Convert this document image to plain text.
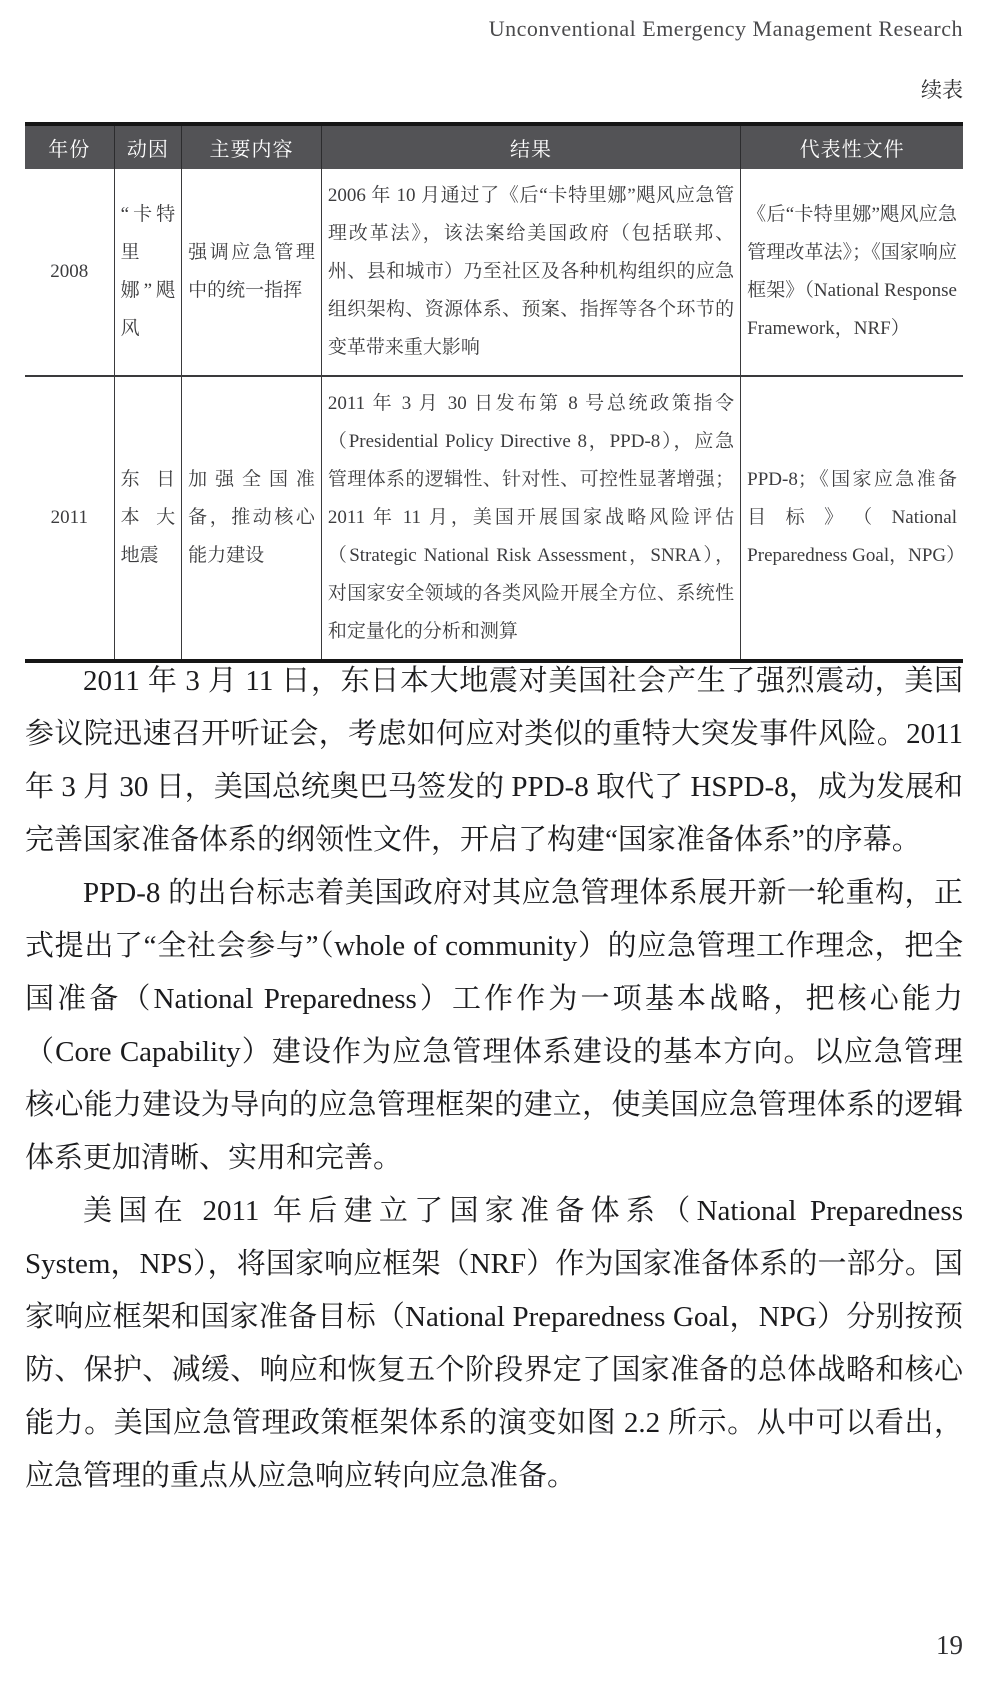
Unconventional Emergency Management Research
续表
年份	动因	主要内容	结果	代表性文件
2008	“卡特里娜”飓风	强调应急管理中的统一指挥	2006 年 10 月通过了《后“卡特里娜”飓风应急管理改革法》，该法案给美国政府（包括联邦、州、县和城市）乃至社区及各种机构组织的应急组织架构、资源体系、预案、指挥等各个环节的变革带来重大影响	《后“卡特里娜”飓风应急管理改革法》；《国家响应框架》（National Response Framework，NRF）
2011	东日本大地震	加强全国准备，推动核心能力建设	2011 年 3 月 30 日发布第 8 号总统政策指令（Presidential Policy Directive 8，PPD-8），应急管理体系的逻辑性、针对性、可控性显著增强；2011 年 11 月，美国开展国家战略风险评估（Strategic National Risk Assessment，SNRA），对国家安全领域的各类风险开展全方位、系统性和定量化的分析和测算	PPD-8；《国家应急准备目标》（National Preparedness Goal，NPG）

2011 年 3 月 11 日，东日本大地震对美国社会产生了强烈震动，美国参议院迅速召开听证会，考虑如何应对类似的重特大突发事件风险。2011 年 3 月 30 日，美国总统奥巴马签发的 PPD-8 取代了 HSPD-8，成为发展和完善国家准备体系的纲领性文件，开启了构建“国家准备体系”的序幕。

PPD-8 的出台标志着美国政府对其应急管理体系展开新一轮重构，正式提出了“全社会参与”（whole of community）的应急管理工作理念，把全国准备（National Preparedness）工作作为一项基本战略，把核心能力（Core Capability）建设作为应急管理体系建设的基本方向。以应急管理核心能力建设为导向的应急管理框架的建立，使美国应急管理体系的逻辑体系更加清晰、实用和完善。

美国在 2011 年后建立了国家准备体系（National Preparedness System，NPS），将国家响应框架（NRF）作为国家准备体系的一部分。国家响应框架和国家准备目标（National Preparedness Goal，NPG）分别按预防、保护、减缓、响应和恢复五个阶段界定了国家准备的总体战略和核心能力。美国应急管理政策框架体系的演变如图 2.2 所示。从中可以看出，应急管理的重点从应急响应转向应急准备。

19
